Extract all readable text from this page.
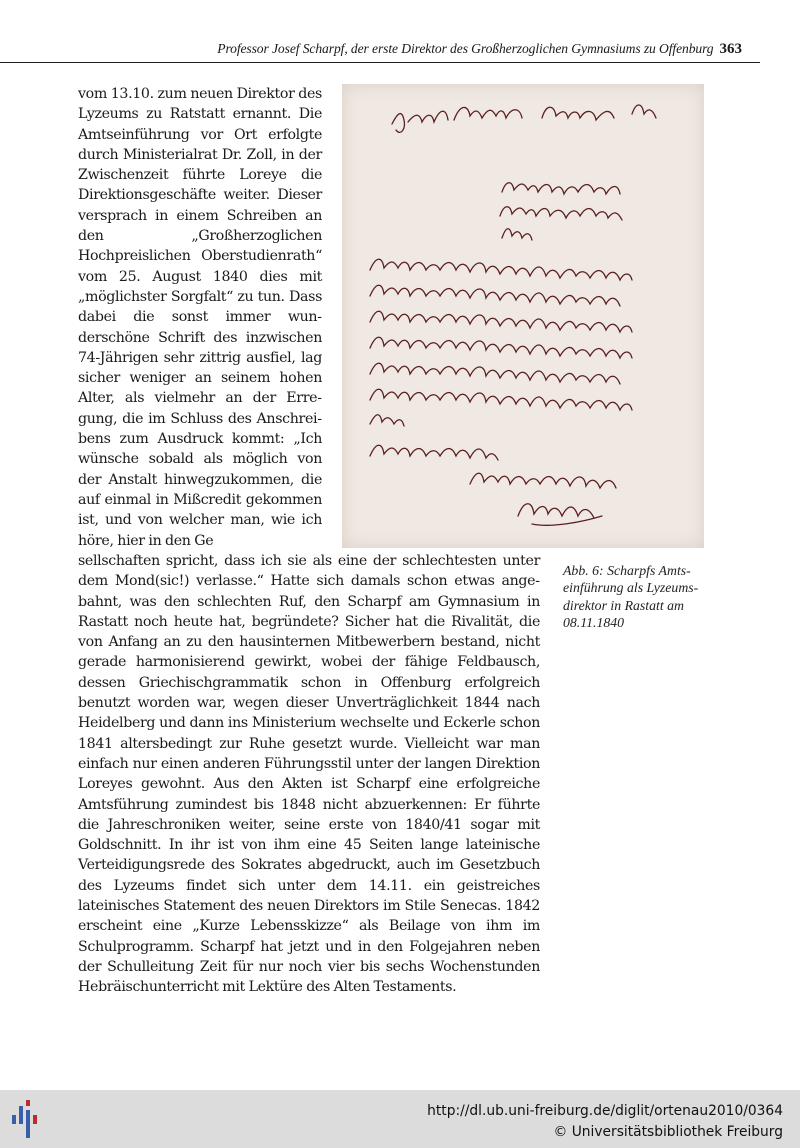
Professor Josef Scharpf, der erste Direktor des Großherzoglichen Gymnasiums zu Offenburg 363
vom 13.10. zum neuen Direktor des Lyzeums zu Ratstatt ernannt. Die Amtseinführung vor Ort erfolgte durch Ministerialrat Dr. Zoll, in der Zwischenzeit führte Loreye die Direktionsgeschäfte weiter. Dieser versprach in einem Schreiben an den „Großherzoglichen Hochpreislichen Oberstudienrath“ vom 25. August 1840 dies mit „möglichster Sorgfalt“ zu tun. Dass dabei die sonst immer wunderschöne Schrift des inzwischen 74-Jährigen sehr zittrig ausfiel, lag sicher weniger an seinem hohen Alter, als vielmehr an der Erregung, die im Schluss des Anschreibens zum Ausdruck kommt: „Ich wünsche sobald als möglich von der Anstalt hinwegzukommen, die auf einmal in Mißcredit gekommen ist, und von welcher man, wie ich höre, hier in den Ge
Abb. 6: Scharpfs Amts-einführung als Lyzeums-direktor in Rastatt am 08.11.1840
sellschaften spricht, dass ich sie als eine der schlechtesten unter dem Mond(sic!) verlasse.“ Hatte sich damals schon etwas angebahnt, was den schlechten Ruf, den Scharpf am Gymnasium in Rastatt noch heute hat, begründete? Sicher hat die Rivalität, die von Anfang an zu den hausinternen Mitbewerbern bestand, nicht gerade harmonisierend gewirkt, wobei der fähige Feldbausch, dessen Griechischgrammatik schon in Offenburg erfolgreich benutzt worden war, wegen dieser Unverträglichkeit 1844 nach Heidelberg und dann ins Ministerium wechselte und Eckerle schon 1841 altersbedingt zur Ruhe gesetzt wurde. Vielleicht war man einfach nur einen anderen Führungsstil unter der langen Direktion Loreyes gewohnt. Aus den Akten ist Scharpf eine erfolgreiche Amtsführung zumindest bis 1848 nicht abzuerkennen: Er führte die Jahreschroniken weiter, seine erste von 1840/41 sogar mit Goldschnitt. In ihr ist von ihm eine 45 Seiten lange lateinische Verteidigungsrede des Sokrates abgedruckt, auch im Gesetzbuch des Lyzeums findet sich unter dem 14.11. ein geistreiches lateinisches Statement des neuen Direktors im Stile Senecas. 1842 erscheint eine „Kurze Lebensskizze“ als Beilage von ihm im Schulprogramm. Scharpf hat jetzt und in den Folgejahren neben der Schulleitung Zeit für nur noch vier bis sechs Wochenstunden Hebräischunterricht mit Lektüre des Alten Testaments.
http://dl.ub.uni-freiburg.de/diglit/ortenau2010/0364
© Universitätsbibliothek Freiburg
